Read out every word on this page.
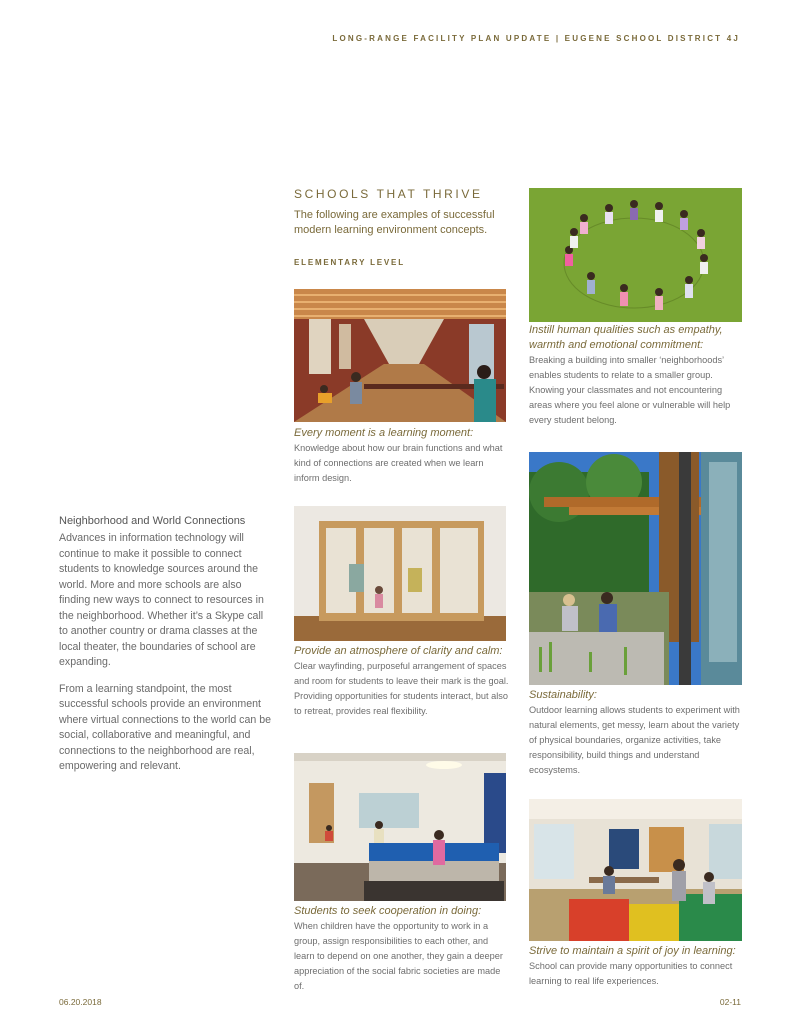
LONG-RANGE FACILITY PLAN UPDATE | EUGENE SCHOOL DISTRICT 4J
Neighborhood and World Connections

Advances in information technology will continue to make it possible to connect students to knowledge sources around the world. More and more schools are also finding new ways to connect to resources in the neighborhood. Whether it’s a Skype call to another country or drama classes at the local theater, the boundaries of school are expanding.

From a learning standpoint, the most successful schools provide an environment where virtual connections to the world can be social, collaborative and meaningful, and connections to the neighborhood are real, empowering and relevant.

SCHOOLS THAT THRIVE
The following are examples of successful modern learning environment concepts.
ELEMENTARY LEVEL
Every moment is a learning moment:
Knowledge about how our brain functions and what kind of connections are created when we learn inform design.
Provide an atmosphere of clarity and calm:
Clear wayfinding, purposeful arrangement of spaces and room for students to leave their mark is the goal. Providing opportunities for students interact, but also to retreat, provides real flexibility.
Students to seek cooperation in doing:
When children have the opportunity to work in a group, assign responsibilities to each other, and learn to depend on one another, they gain a deeper appreciation of the social fabric societies are made of.
Instill human qualities such as empathy, warmth and emotional commitment:
Breaking a building into smaller ‘neighborhoods’ enables students to relate to a smaller group. Knowing your classmates and not encountering areas where you feel alone or vulnerable will help every student belong.
Sustainability:
Outdoor learning allows students to experiment with natural elements, get messy, learn about the variety of physical boundaries, organize activities, take responsibility, build things and understand ecosystems.
Strive to maintain a spirit of joy in learning:
School can provide many opportunities to connect learning to real life experiences.
06.20.2018	02-11
